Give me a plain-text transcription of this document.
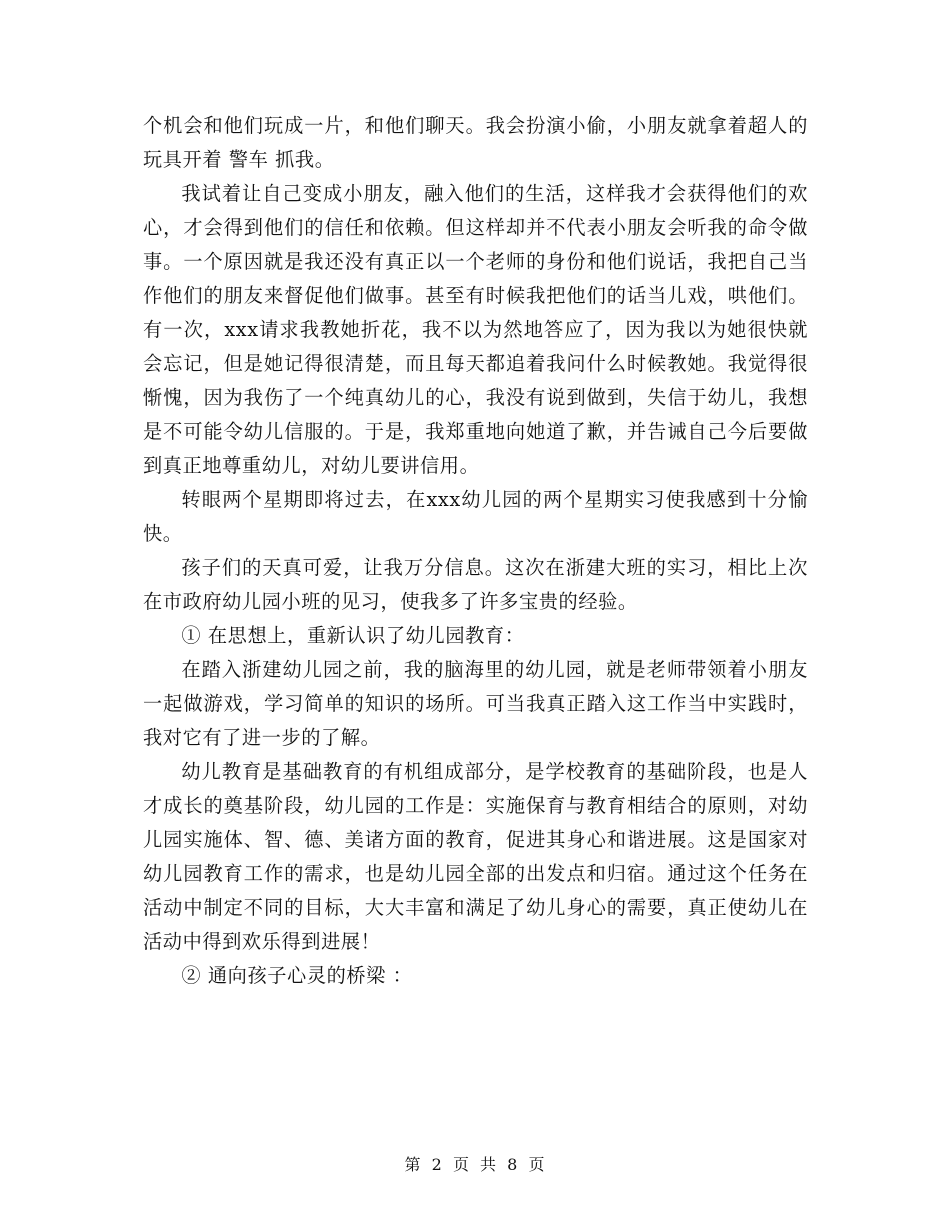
个机会和他们玩成一片，和他们聊天。我会扮演小偷，小朋友就拿着超人的玩具开着 警车 抓我。

我试着让自己变成小朋友，融入他们的生活，这样我才会获得他们的欢心，才会得到他们的信任和依赖。但这样却并不代表小朋友会听我的命令做事。一个原因就是我还没有真正以一个老师的身份和他们说话，我把自己当作他们的朋友来督促他们做事。甚至有时候我把他们的话当儿戏，哄他们。有一次，xxx请求我教她折花，我不以为然地答应了，因为我以为她很快就会忘记，但是她记得很清楚，而且每天都追着我问什么时候教她。我觉得很惭愧，因为我伤了一个纯真幼儿的心，我没有说到做到，失信于幼儿，我想是不可能令幼儿信服的。于是，我郑重地向她道了歉，并告诫自己今后要做到真正地尊重幼儿，对幼儿要讲信用。

转眼两个星期即将过去，在xxx幼儿园的两个星期实习使我感到十分愉快。

孩子们的天真可爱，让我万分信息。这次在浙建大班的实习，相比上次在市政府幼儿园小班的见习，使我多了许多宝贵的经验。

① 在思想上，重新认识了幼儿园教育：

在踏入浙建幼儿园之前，我的脑海里的幼儿园，就是老师带领着小朋友一起做游戏，学习简单的知识的场所。可当我真正踏入这工作当中实践时，我对它有了进一步的了解。

幼儿教育是基础教育的有机组成部分，是学校教育的基础阶段，也是人才成长的奠基阶段，幼儿园的工作是：实施保育与教育相结合的原则，对幼儿园实施体、智、德、美诸方面的教育，促进其身心和谐进展。这是国家对幼儿园教育工作的需求，也是幼儿园全部的出发点和归宿。通过这个任务在活动中制定不同的目标，大大丰富和满足了幼儿身心的需要，真正使幼儿在活动中得到欢乐得到进展！

② 通向孩子心灵的桥梁 ：

第 2 页 共 8 页
